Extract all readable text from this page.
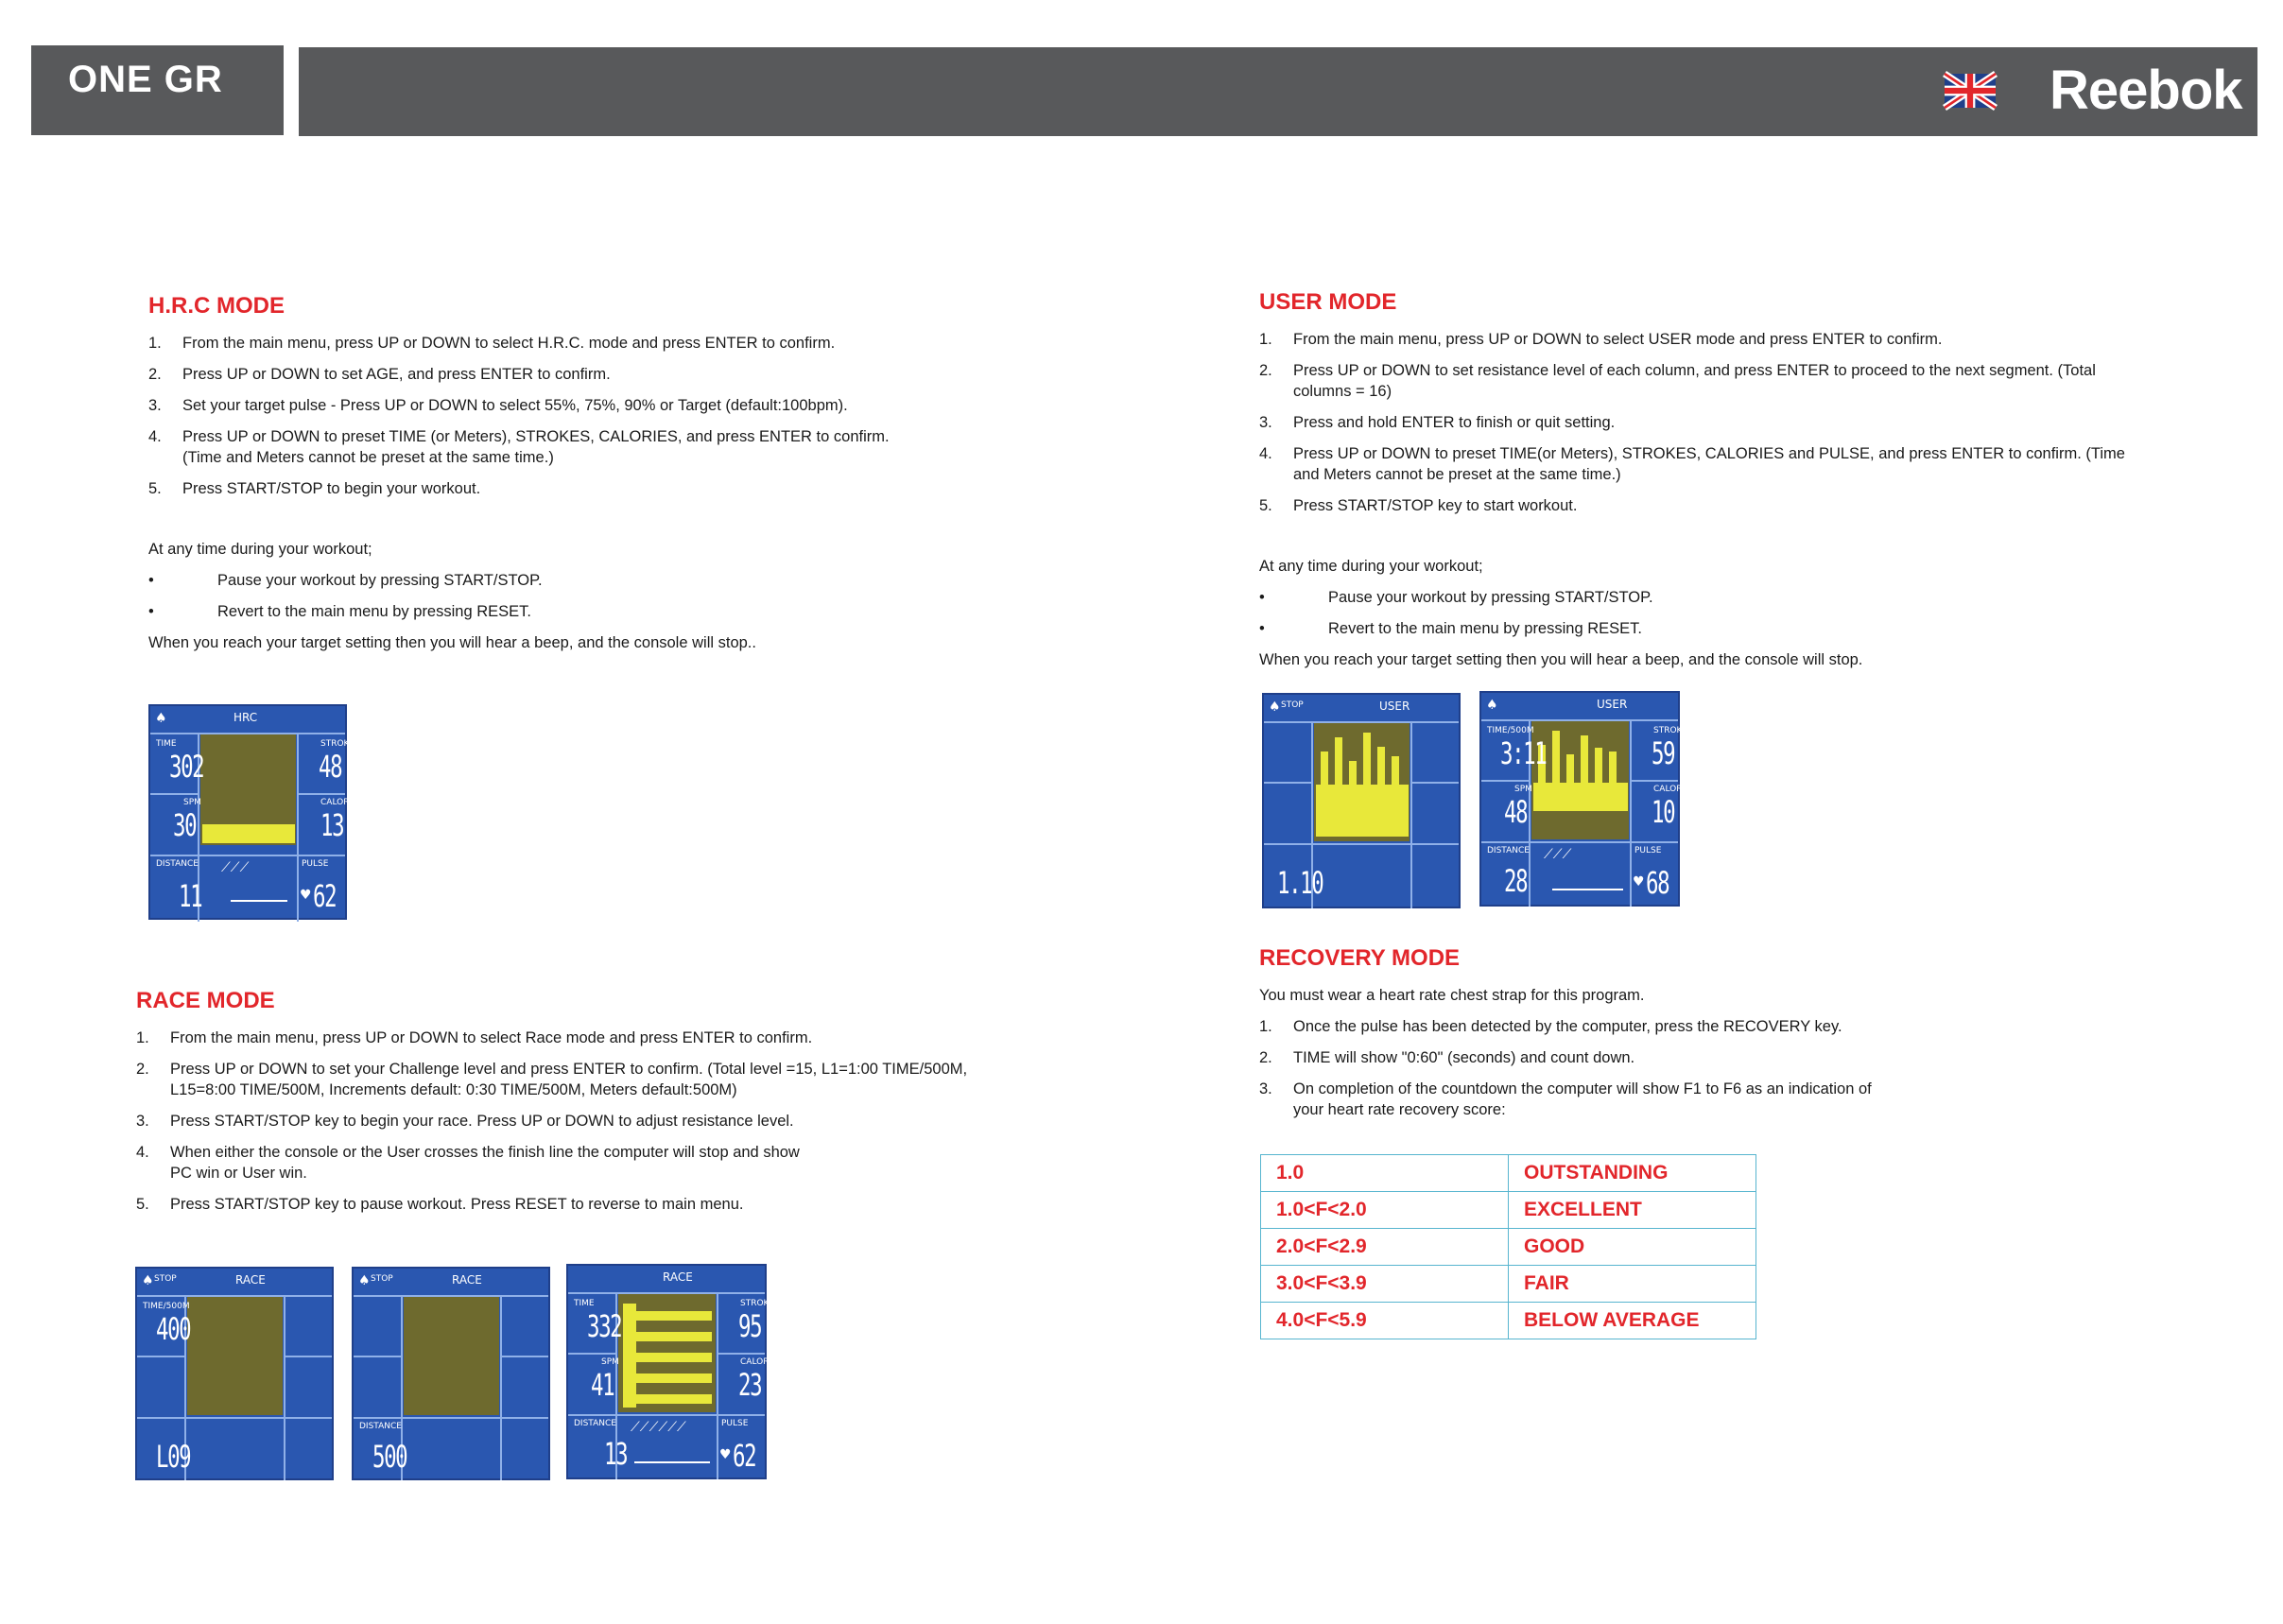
ONE GR	Reebok
H.R.C MODE
1. From the main menu, press UP or DOWN to select H.R.C. mode and press ENTER to confirm.
2. Press UP or DOWN to set AGE, and press ENTER to confirm.
3. Set your target pulse - Press UP or DOWN to select 55%, 75%, 90% or Target (default:100bpm).
4. Press UP or DOWN to preset TIME (or Meters), STROKES, CALORIES, and press ENTER to confirm.
(Time and Meters cannot be preset at the same time.)
5. Press START/STOP to begin your workout.

At any time during your workout;

•	Pause your workout by pressing START/STOP.
•	Revert to the main menu by pressing RESET.

When you reach your target setting then you will hear a beep, and the console will stop..

♠	HRC
TIME
302
SPM
30
DISTANCE
11
STROKES
48
CALORIES
13
PULSE
♥ 62
⟋⟋⟋
RACE MODE
1. From the main menu, press UP or DOWN to select Race mode and press ENTER to confirm.
2. Press UP or DOWN to set your Challenge level and press ENTER to confirm. (Total level =15, L1=1:00 TIME/500M,
L15=8:00 TIME/500M, Increments default: 0:30 TIME/500M, Meters default:500M)
3. Press START/STOP key to begin your race. Press UP or DOWN to adjust resistance level.
4. When either the console or the User crosses the finish line the computer will stop and show
PC win or User win.
5. Press START/STOP key to pause workout. Press RESET to reverse to main menu.
♠ STOP	RACE
TIME/500M
400
L09
♠ STOP	RACE
DISTANCE
500
RACE
TIME
332
SPM
41
DISTANCE
13
STROKES
95
CALORIES
23
PULSE
♥ 62
⟋⟋⟋⟋⟋⟋
USER MODE
1. From the main menu, press UP or DOWN to select USER mode and press ENTER to confirm.
2. Press UP or DOWN to set resistance level of each column, and press ENTER to proceed to the next segment. (Total
columns = 16)
3. Press and hold ENTER to finish or quit setting.
4. Press UP or DOWN to preset TIME(or Meters), STROKES, CALORIES and PULSE, and press ENTER to confirm. (Time
and Meters cannot be preset at the same time.)
5. Press START/STOP key to start workout.

At any time during your workout;

•	Pause your workout by pressing START/STOP.
•	Revert to the main menu by pressing RESET.

When you reach your target setting then you will hear a beep, and the console will stop.

♠ STOP	USER
1.10
♠	USER
TIME/500M
3:11
SPM
48
DISTANCE
28
STROKES
59
CALORIES
10
PULSE
♥ 68
⟋⟋⟋
RECOVERY MODE

You must wear a heart rate chest strap for this program.

1. Once the pulse has been detected by the computer, press the RECOVERY key.
2. TIME will show "0:60" (seconds) and count down.
3. On completion of the countdown the computer will show F1 to F6 as an indication of
your heart rate recovery score:
1.0	OUTSTANDING
1.0<F<2.0	EXCELLENT
2.0<F<2.9	GOOD
3.0<F<3.9	FAIR
4.0<F<5.9	BELOW AVERAGE
